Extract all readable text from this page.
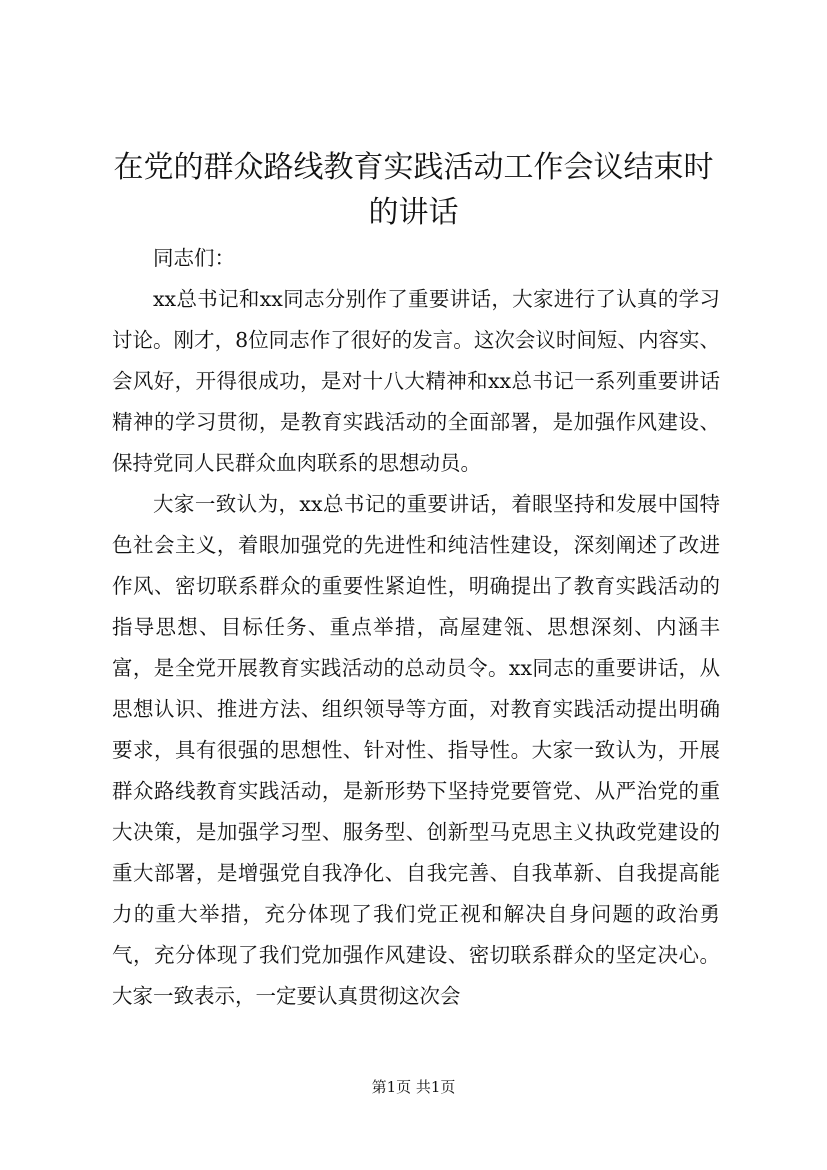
在党的群众路线教育实践活动工作会议结束时的讲话

同志们：

xx总书记和xx同志分别作了重要讲话，大家进行了认真的学习讨论。刚才，8位同志作了很好的发言。这次会议时间短、内容实、会风好，开得很成功，是对十八大精神和xx总书记一系列重要讲话精神的学习贯彻，是教育实践活动的全面部署，是加强作风建设、保持党同人民群众血肉联系的思想动员。

大家一致认为，xx总书记的重要讲话，着眼坚持和发展中国特色社会主义，着眼加强党的先进性和纯洁性建设，深刻阐述了改进作风、密切联系群众的重要性紧迫性，明确提出了教育实践活动的指导思想、目标任务、重点举措，高屋建瓴、思想深刻、内涵丰富，是全党开展教育实践活动的总动员令。xx同志的重要讲话，从思想认识、推进方法、组织领导等方面，对教育实践活动提出明确要求，具有很强的思想性、针对性、指导性。大家一致认为，开展群众路线教育实践活动，是新形势下坚持党要管党、从严治党的重大决策，是加强学习型、服务型、创新型马克思主义执政党建设的重大部署，是增强党自我净化、自我完善、自我革新、自我提高能力的重大举措，充分体现了我们党正视和解决自身问题的政治勇气，充分体现了我们党加强作风建设、密切联系群众的坚定决心。大家一致表示，一定要认真贯彻这次会

第1页 共1页
